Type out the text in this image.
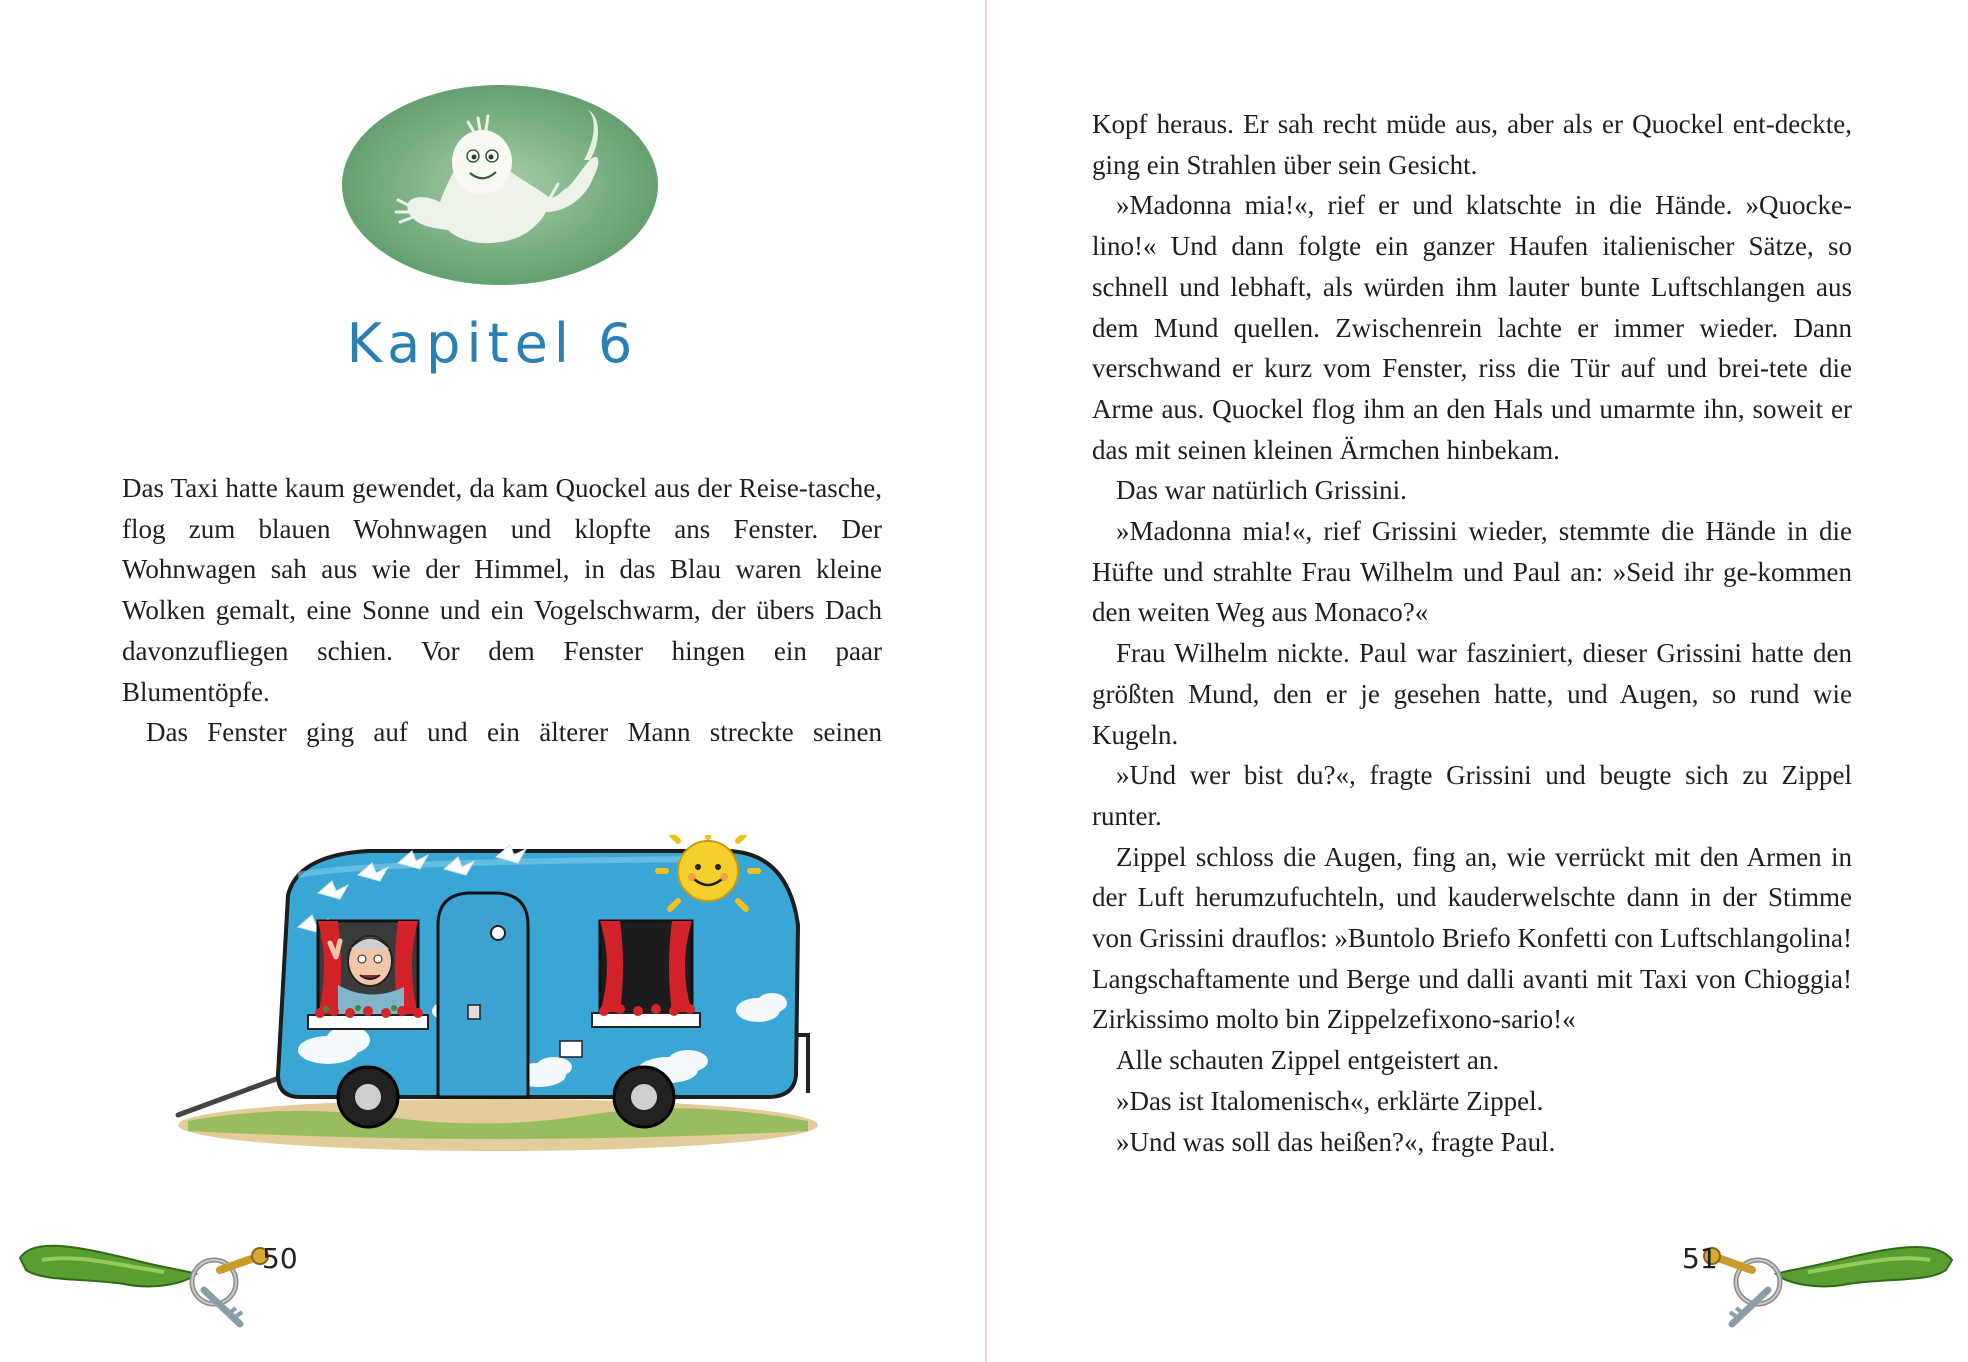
Kapitel 6

Das Taxi hatte kaum gewendet, da kam Quockel aus der Reise-tasche, flog zum blauen Wohnwagen und klopfte ans Fenster. Der Wohnwagen sah aus wie der Himmel, in das Blau waren kleine Wolken gemalt, eine Sonne und ein Vogelschwarm, der übers Dach davonzufliegen schien. Vor dem Fenster hingen ein paar Blumentöpfe.

Das Fenster ging auf und ein älterer Mann streckte seinen

50

Kopf heraus. Er sah recht müde aus, aber als er Quockel ent-deckte, ging ein Strahlen über sein Gesicht.

»Madonna mia!«, rief er und klatschte in die Hände. »Quocke-lino!« Und dann folgte ein ganzer Haufen italienischer Sätze, so schnell und lebhaft, als würden ihm lauter bunte Luftschlangen aus dem Mund quellen. Zwischenrein lachte er immer wieder. Dann verschwand er kurz vom Fenster, riss die Tür auf und brei-tete die Arme aus. Quockel flog ihm an den Hals und umarmte ihn, soweit er das mit seinen kleinen Ärmchen hinbekam.

Das war natürlich Grissini.

»Madonna mia!«, rief Grissini wieder, stemmte die Hände in die Hüfte und strahlte Frau Wilhelm und Paul an: »Seid ihr ge-kommen den weiten Weg aus Monaco?«

Frau Wilhelm nickte. Paul war fasziniert, dieser Grissini hatte den größten Mund, den er je gesehen hatte, und Augen, so rund wie Kugeln.

»Und wer bist du?«, fragte Grissini und beugte sich zu Zippel runter.

Zippel schloss die Augen, fing an, wie verrückt mit den Armen in der Luft herumzufuchteln, und kauderwelschte dann in der Stimme von Grissini drauflos: »Buntolo Briefo Konfetti con Luftschlangolina! Langschaftamente und Berge und dalli avanti mit Taxi von Chioggia! Zirkissimo molto bin Zippelzefixono-sario!«

Alle schauten Zippel entgeistert an.

»Das ist Italomenisch«, erklärte Zippel.

»Und was soll das heißen?«, fragte Paul.

51
